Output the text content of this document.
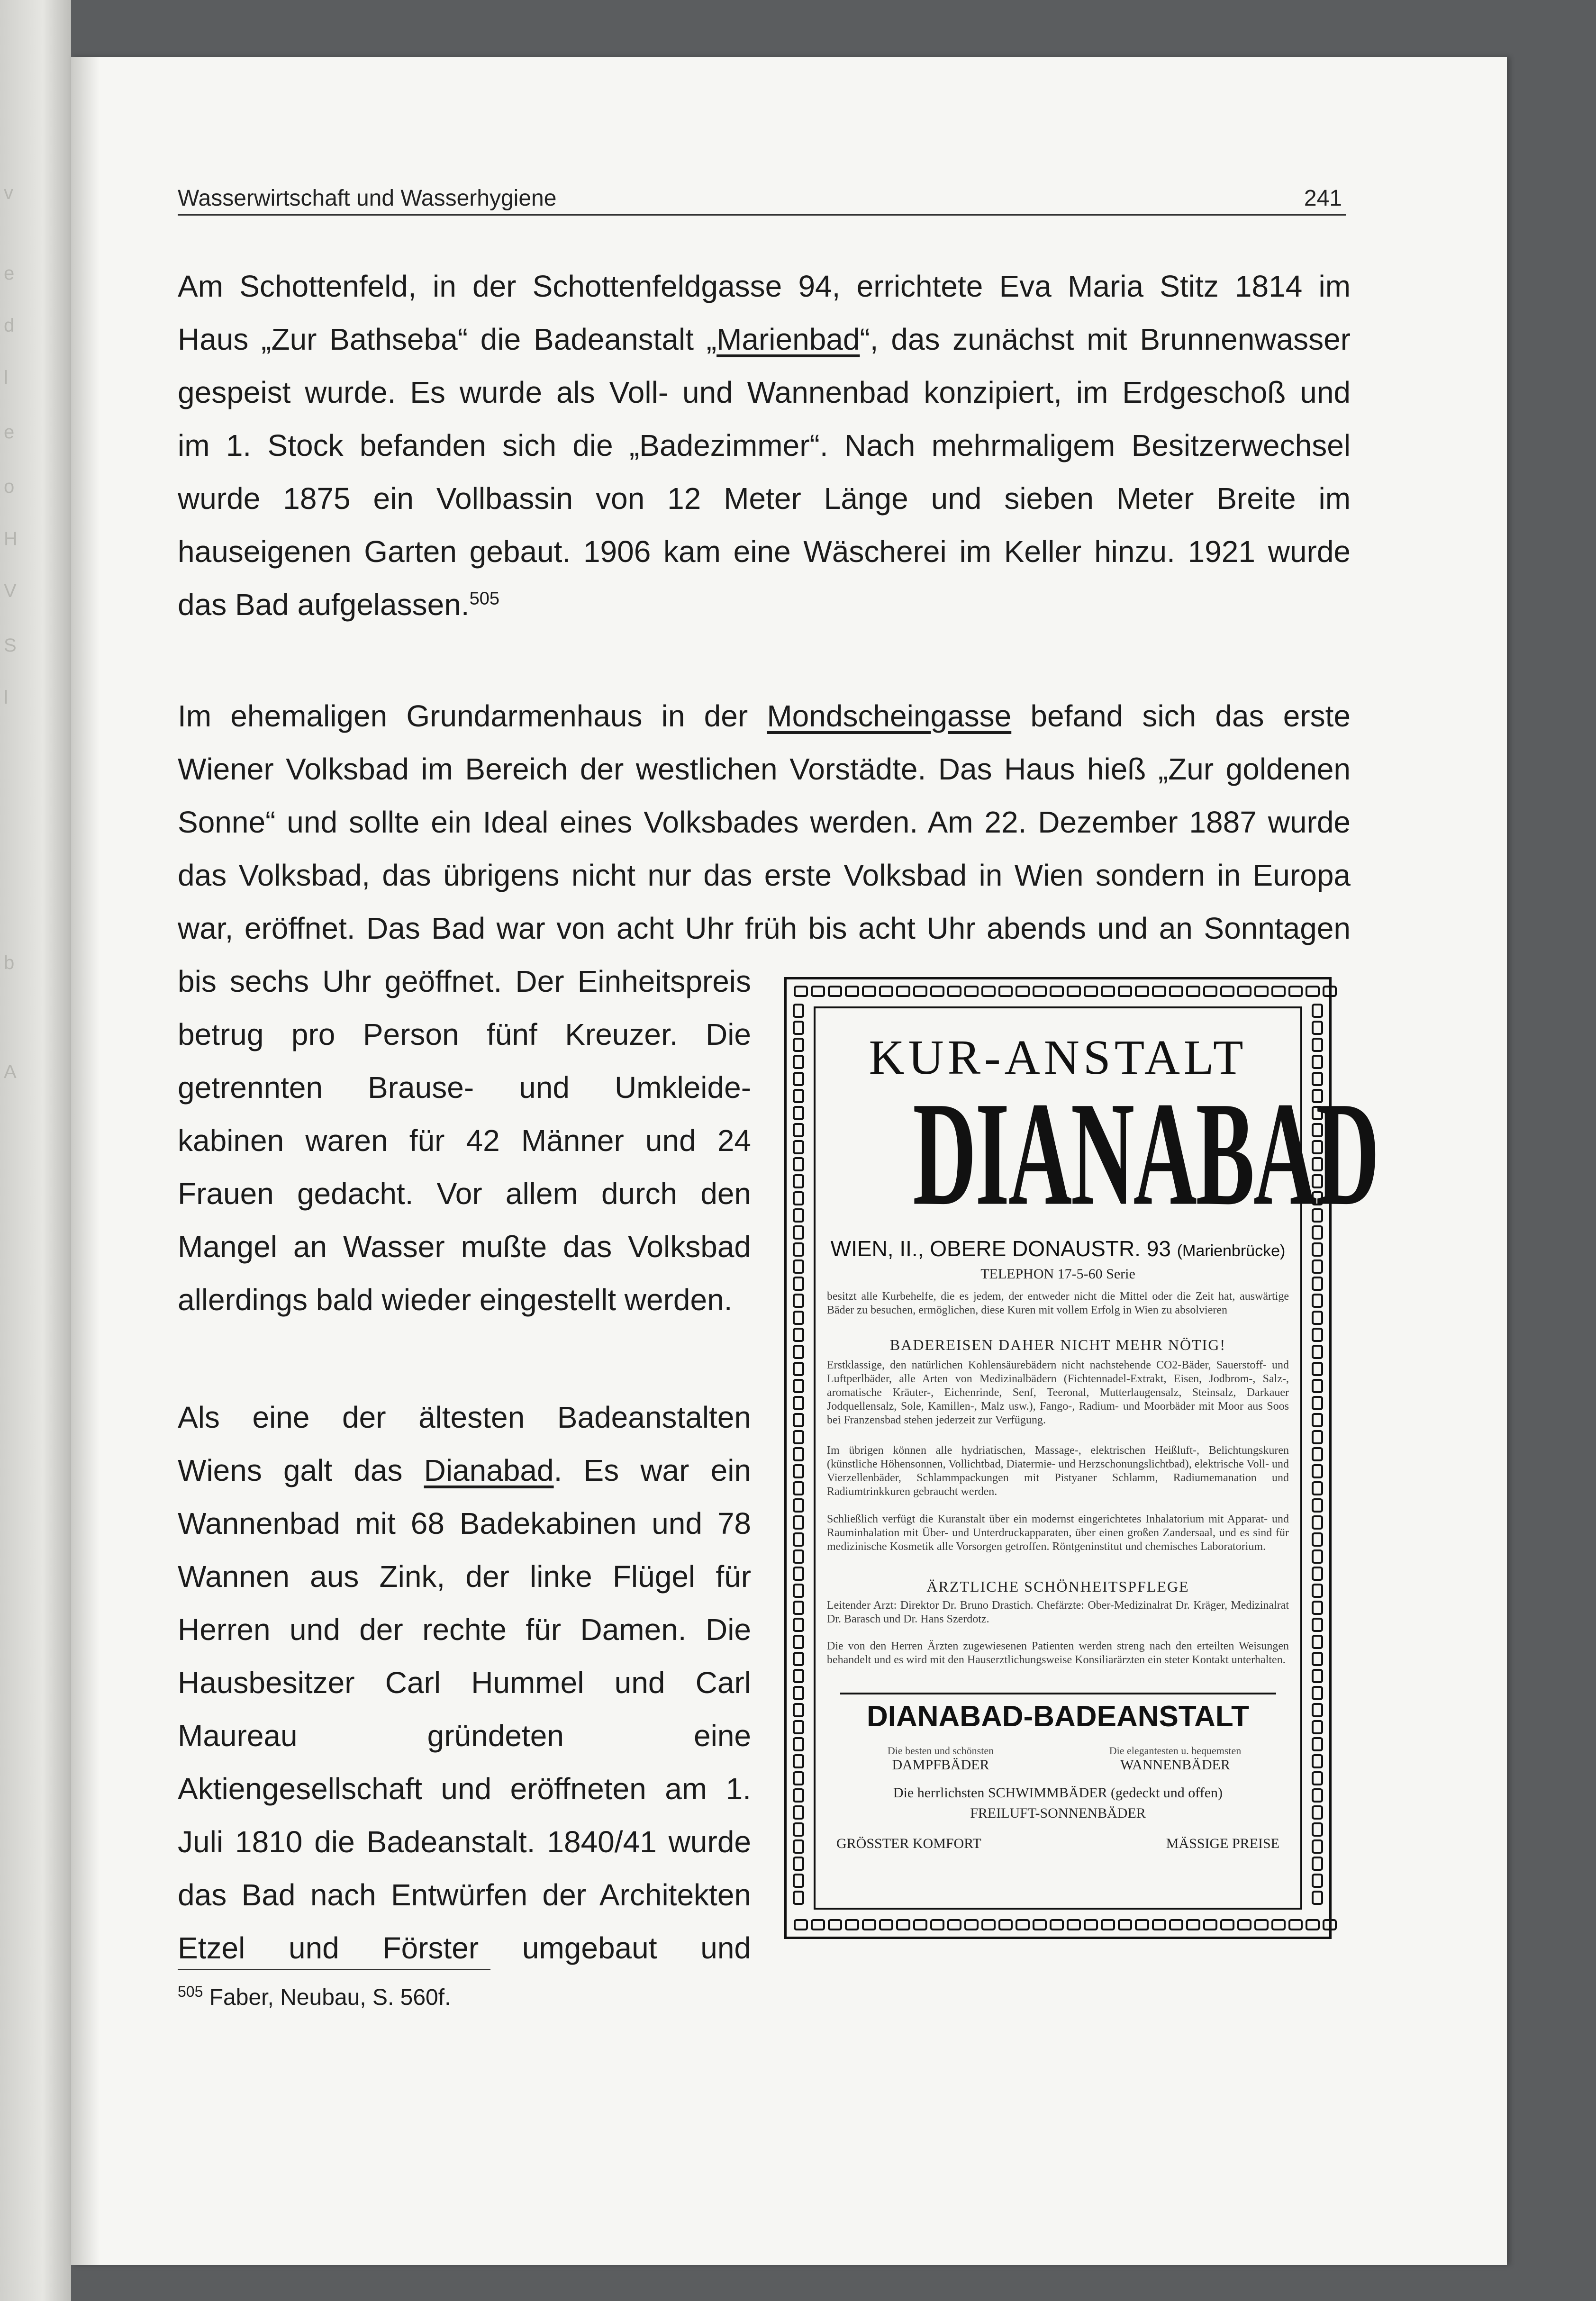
v
e
d
l
e
o
H
V
S
l
b
A
Wasserwirtschaft und Wasserhygiene	241
Am Schottenfeld, in der Schottenfeldgasse 94, errichtete Eva Maria Stitz 1814 im
Haus „Zur Bathseba“ die Badeanstalt „Marienbad“, das zunächst mit Brunnenwasser
gespeist wurde. Es wurde als Voll- und Wannenbad konzipiert, im Erdgeschoß und
im 1. Stock befanden sich die „Badezimmer“. Nach mehrmaligem Besitzerwechsel
wurde 1875 ein Vollbassin von 12 Meter Länge und sieben Meter Breite im
hauseigenen Garten gebaut. 1906 kam eine Wäscherei im Keller hinzu. 1921 wurde
das Bad aufgelassen.$^{505}$
Im ehemaligen Grundarmenhaus in der Mondscheingasse befand sich das erste
Wiener Volksbad im Bereich der westlichen Vorstädte. Das Haus hieß „Zur goldenen
Sonne“ und sollte ein Ideal eines Volksbades werden. Am 22. Dezember 1887 wurde
das Volksbad, das übrigens nicht nur das erste Volksbad in Wien sondern in Europa
war, eröffnet. Das Bad war von acht Uhr früh bis acht Uhr abends und an Sonntagen
bis sechs Uhr geöffnet. Der Einheitspreis
betrug pro Person fünf Kreuzer. Die
getrennten Brause- und Umkleide-
kabinen waren für 42 Männer und 24
Frauen gedacht. Vor allem durch den
Mangel an Wasser mußte das Volksbad
allerdings bald wieder eingestellt werden.
Als eine der ältesten Badeanstalten
Wiens galt das Dianabad. Es war ein
Wannenbad mit 68 Badekabinen und 78
Wannen aus Zink, der linke Flügel für
Herren und der rechte für Damen. Die
Hausbesitzer Carl Hummel und Carl
Maureau gründeten eine
Aktiengesellschaft und eröffneten am 1.
Juli 1810 die Badeanstalt. 1840/41 wurde
das Bad nach Entwürfen der Architekten
Etzel und Förster umgebaut und
$^{505}$ Faber, Neubau, S. 560f.
KUR-ANSTALT
DIANABAD
WIEN, II., OBERE DONAUSTR. 93 (Marienbrücke)
TELEPHON 17-5-60 Serie
besitzt alle Kurbehelfe, die es jedem, der entweder nicht die Mittel oder die Zeit hat, auswärtige Bäder zu besuchen, ermöglichen, diese Kuren mit vollem Erfolg in Wien zu absolvieren
BADEREISEN DAHER NICHT MEHR NÖTIG!
Erstklassige, den natürlichen Kohlensäurebädern nicht nachstehende CO2-Bäder, Sauerstoff- und Luftperlbäder, alle Arten von Medizinalbädern (Fichtennadel-Extrakt, Eisen, Jodbrom-, Salz-, aromatische Kräuter-, Eichenrinde, Senf, Teeronal, Mutterlaugensalz, Steinsalz, Darkauer Jodquellensalz, Sole, Kamillen-, Malz usw.), Fango-, Radium- und Moorbäder mit Moor aus Soos bei Franzensbad stehen jederzeit zur Verfügung.
Im übrigen können alle hydriatischen, Massage-, elektrischen Heißluft-, Belichtungskuren (künstliche Höhensonnen, Vollichtbad, Diatermie- und Herzschonungslichtbad), elektrische Voll- und Vierzellenbäder, Schlammpackungen mit Pistyaner Schlamm, Radiumemanation und Radiumtrinkkuren gebraucht werden.
Schließlich verfügt die Kuranstalt über ein modernst eingerichtetes Inhalatorium mit Apparat- und Rauminhalation mit Über- und Unterdruckapparaten, über einen großen Zandersaal, und es sind für medizinische Kosmetik alle Vorsorgen getroffen. Röntgeninstitut und chemisches Laboratorium.
ÄRZTLICHE SCHÖNHEITSPFLEGE
Leitender Arzt: Direktor Dr. Bruno Drastich. Chefärzte: Ober-Medizinalrat Dr. Kräger, Medizinalrat Dr. Barasch und Dr. Hans Szerdotz.
Die von den Herren Ärzten zugewiesenen Patienten werden streng nach den erteilten Weisungen behandelt und es wird mit den Hauserztlichungsweise Konsiliarärzten ein steter Kontakt unterhalten.
DIANABAD-BADEANSTALT
Die besten und schönsten
DAMPFBÄDER
Die elegantesten u. bequemsten
WANNENBÄDER
Die herrlichsten SCHWIMMBÄDER (gedeckt und offen)
FREILUFT-SONNENBÄDER
GRÖSSTER KOMFORT	MÄSSIGE PREISE
